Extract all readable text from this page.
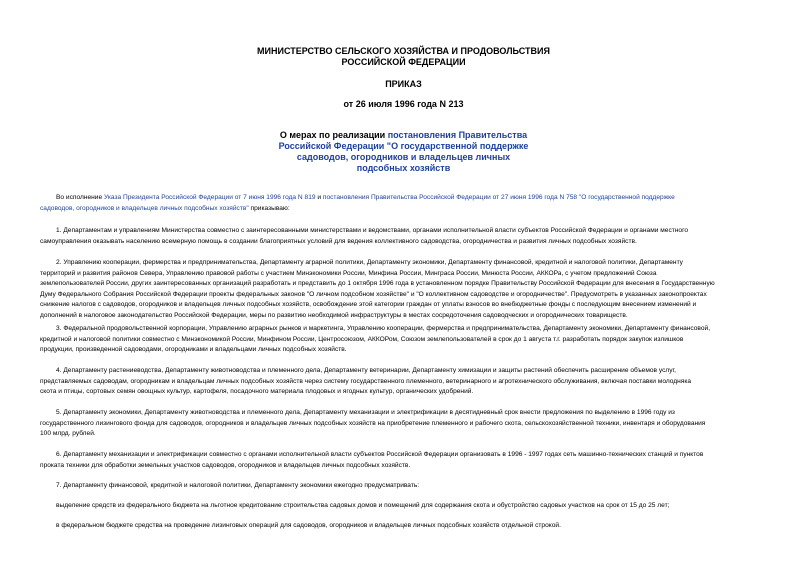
МИНИСТЕРСТВО СЕЛЬСКОГО ХОЗЯЙСТВА И ПРОДОВОЛЬСТВИЯ
РОССИЙСКОЙ ФЕДЕРАЦИИ
ПРИКАЗ
от 26 июля 1996 года N 213
О мерах по реализации постановления Правительства
Российской Федерации "О государственной поддержке
садоводов, огородников и владельцев личных
подсобных хозяйств
Во исполнение Указа Президента Российской Федерации от 7 июня 1996 года N 819 и постановления Правительства Российской Федерации от 27 июня 1996 года N 758 "О государственной поддержке
садоводов, огородников и владельцев личных подсобных хозяйств" приказываю:
1. Департаментам и управлениям Министерства совместно с заинтересованными министерствами и ведомствами, органами исполнительной власти субъектов Российской Федерации и органами местного
самоуправления оказывать населению всемерную помощь в создании благоприятных условий для ведения коллективного садоводства, огородничества и развития личных подсобных хозяйств.
2. Управлению кооперации, фермерства и предпринимательства, Департаменту аграрной политики, Департаменту экономики, Департаменту финансовой, кредитной и налоговой политики, Департаменту
территорий и развития районов Севера, Управлению правовой работы с участием Минэкономики России, Минфина России, Минграса России, Минюста России, АККОРа, с учетом предложений Союза
землепользователей России, других заинтересованных организаций разработать и представить до 1 октября 1996 года в установленном порядке Правительству Российской Федерации для внесения в Государственную
Думу Федерального Собрания Российской Федерации проекты федеральных законов "О личном подсобном хозяйстве" и "О коллективном садоводстве и огородничестве". Предусмотреть в указанных законопроектах
снижение налогов с садоводов, огородников и владельцев личных подсобных хозяйств, освобождение этой категории граждан от уплаты взносов во внебюджетные фонды с последующим внесением изменений и
дополнений в налоговое законодательство Российской Федерации, меры по развитию необходимой инфраструктуры в местах сосредоточения садоводческих и огороднических товариществ.
3. Федеральной продовольственной корпорации, Управлению аграрных рынков и маркетинга, Управлению кооперации, фермерства и предпринимательства, Департаменту экономики, Департаменту финансовой,
кредитной и налоговой политики совместно с Минэкономикой России, Минфином России, Центросоюзом, АККОРом, Союзом землепользователей в срок до 1 августа т.г. разработать порядок закупок излишков
продукции, произведенной садоводами, огородниками и владельцами личных подсобных хозяйств.
4. Департаменту растениеводства, Департаменту животноводства и племенного дела, Департаменту ветеринарии, Департаменту химизации и защиты растений обеспечить расширение объемов услуг,
представляемых садоводам, огородникам и владельцам личных подсобных хозяйств через систему государственного племенного, ветеринарного и агротехнического обслуживания, включая поставки молодняка
скота и птицы, сортовых семян овощных культур, картофеля, посадочного материала плодовых и ягодных культур, органических удобрений.
5. Департаменту экономики, Департаменту животноводства и племенного дела, Департаменту механизации и электрификации в десятидневный срок внести предложения по выделению в 1996 году из
государственного лизингового фонда для садоводов, огородников и владельцев личных подсобных хозяйств на приобретение племенного и рабочего скота, сельскохозяйственной техники, инвентаря и оборудования
100 млрд. рублей.
6. Департаменту механизации и электрификации совместно с органами исполнительной власти субъектов Российской Федерации организовать в 1996 - 1997 годах сеть машинно-технических станций и пунктов
проката техники для обработки земельных участков садоводов, огородников и владельцев личных подсобных хозяйств.
7. Департаменту финансовой, кредитной и налоговой политики, Департаменту экономики ежегодно предусматривать:
выделение средств из федерального бюджета на льготное кредитование строительства садовых домов и помещений для содержания скота и обустройство садовых участков на срок от 15 до 25 лет;
в федеральном бюджете средства на проведение лизинговых операций для садоводов, огородников и владельцев личных подсобных хозяйств отдельной строкой.
